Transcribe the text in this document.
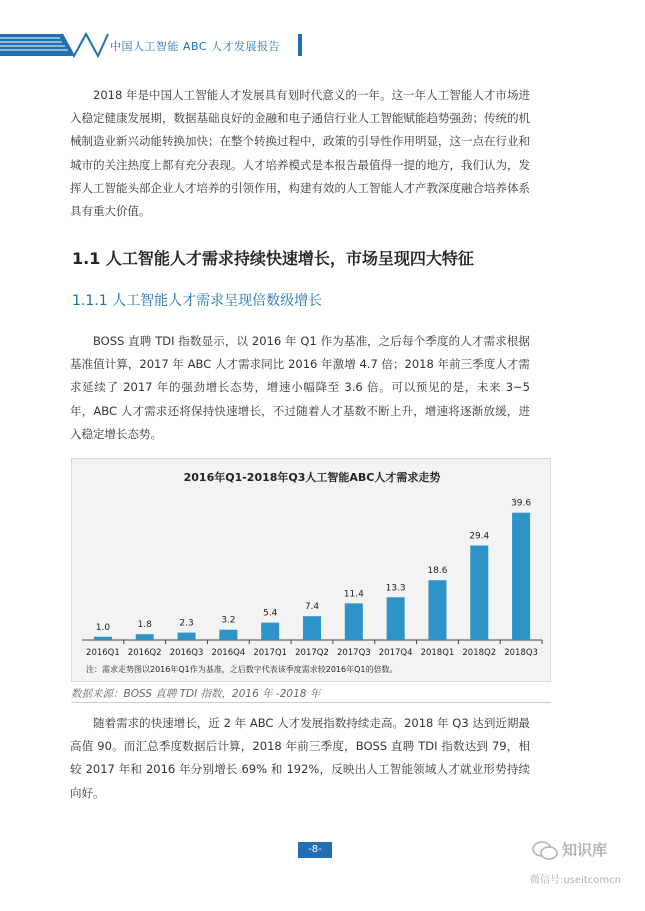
中国人工智能 ABC 人才发展报告

2018 年是中国人工智能人才发展具有划时代意义的一年。这一年人工智能人才市场进入稳定健康发展期，数据基础良好的金融和电子通信行业人工智能赋能趋势强劲；传统的机械制造业新兴动能转换加快；在整个转换过程中，政策的引导性作用明显，这一点在行业和城市的关注热度上都有充分表现。人才培养模式是本报告最值得一提的地方，我们认为，发挥人工智能头部企业人才培养的引领作用，构建有效的人工智能人才产教深度融合培养体系具有重大价值。

1.1 人工智能人才需求持续快速增长，市场呈现四大特征
1.1.1 人工智能人才需求呈现倍数级增长

BOSS 直聘 TDI 指数显示，以 2016 年 Q1 作为基准，之后每个季度的人才需求根据基准值计算，2017 年 ABC 人才需求同比 2016 年激增 4.7 倍；2018 年前三季度人才需求延续了 2017 年的强劲增长态势，增速小幅降至 3.6 倍。可以预见的是，未来 3~5 年，ABC 人才需求还将保持快速增长，不过随着人才基数不断上升，增速将逐渐放缓，进入稳定增长态势。

2016年Q1-2018年Q3人工智能ABC人才需求走势
1.0
2016Q1
1.8
2016Q2
2.3
2016Q3
3.2
2016Q4
5.4
2017Q1
7.4
2017Q2
11.4
2017Q3
13.3
2017Q4
18.6
2018Q1
29.4
2018Q2
39.6
2018Q3
注：需求走势图以2016年Q1作为基准，之后数字代表该季度需求较2016年Q1的倍数。
数据来源：BOSS 直聘 TDI 指数，2016 年 -2018 年

随着需求的快速增长，近 2 年 ABC 人才发展指数持续走高。2018 年 Q3 达到近期最高值 90。而汇总季度数据后计算，2018 年前三季度，BOSS 直聘 TDI 指数达到 79，相较 2017 年和 2016 年分别增长 69% 和 192%，反映出人工智能领域人才就业形势持续向好。

-8-	知识库
微信号:useitcomcn
